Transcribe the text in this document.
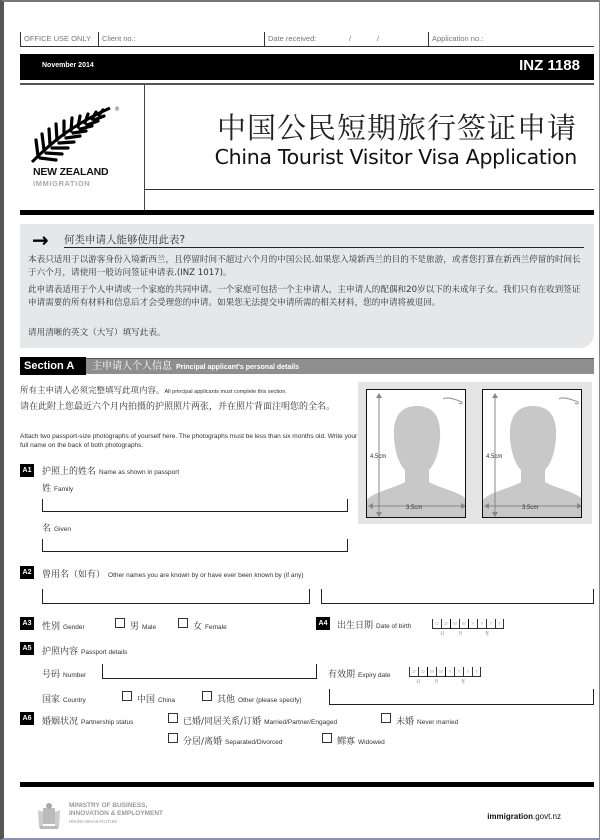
OFFICE USE ONLY	Client no.:	Date received:	/	/	Application no.:
November 2014	INZ 1188
®
NEW ZEALAND
IMMIGRATION
中国公民短期旅行签证申请
China Tourist Visitor Visa Application
→ 何类申请人能够使用此表?

本表只适用于以游客身份入境新西兰，且停留时间不超过六个月的中国公民.如果您入境新西兰的目的不是旅游，或者您打算在新西兰停留的时间长于六个月，请使用一般访问签证申请表.(INZ 1017)。

此申请表适用于个人申请或一个家庭的共同申请。一个家庭可包括一个主申请人，主申请人的配偶和20岁以下的未成年子女。我们只有在收到签证申请需要的所有材料和信息后才会受理您的申请。如果您无法提交申请所需的相关材料，您的申请将被退回。

请用清晰的英文（大写）填写此表。

Section A	主申请人个人信息 Principal applicant's personal details
所有主申请人必须完整填写此项内容。All principal applicants must complete this section.
请在此附上您最近六个月内拍摄的护照照片两张，并在照片背面注明您的全名。
Attach two passport-size photographs of yourself here. The photographs must be less than six months old. Write your full name on the back of both photographs.
4.5cm
3.5cm
4.5cm
3.5cm
A1 护照上的姓名 Name as shown in passport
姓 Family
名 Given
A2 曾用名（如有） Other names you are known by or have ever been known by (if any)
A3 性别 Gender	男 Male	女 Female
A4 出生日期 Date of birth	D	D	M	M	Y	Y	Y	Y
日	月	年
A5 护照内容 Passport details
号码 Number	有效期 Expiry date
D	D	M	M	Y	Y	Y	Y
日	月	年
国家 Country	中国 China	其他 Other (please specify)
A6 婚姻状况 Partnership status	已婚/同居关系/订婚 Married/Partner/Engaged	未婚 Never married
分居/离婚 Separated/Divorced	鳏寡 Widowed
MINISTRY OF BUSINESS,
INNOVATION & EMPLOYMENT
HĪKINA WHAKATUTUKI
immigration.govt.nz
